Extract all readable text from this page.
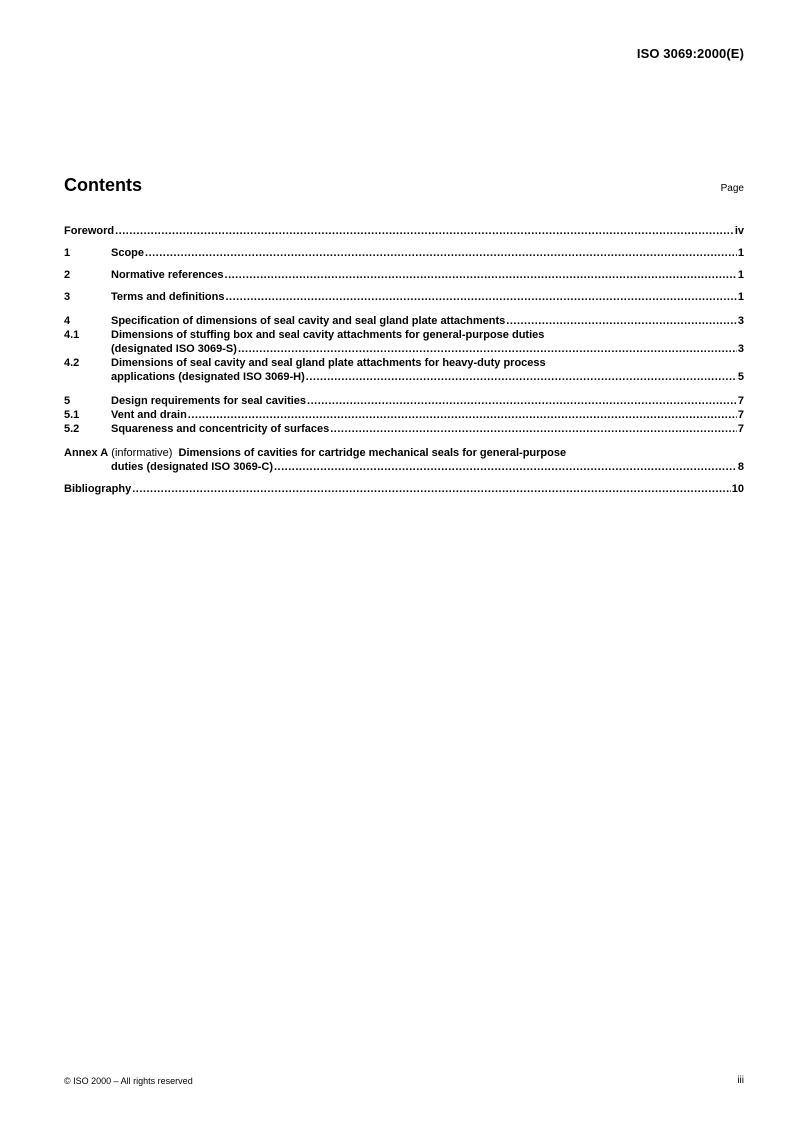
ISO 3069:2000(E)
Contents	Page
Foreword .....	iv
1	Scope .....	1
2	Normative references .....	1
3	Terms and definitions .....	1
4	Specification of dimensions of seal cavity and seal gland plate attachments .....	3
4.1	Dimensions of stuffing box and seal cavity attachments for general-purpose duties
(designated ISO 3069-S) .....	3
4.2	Dimensions of seal cavity and seal gland plate attachments for heavy-duty process
applications (designated ISO 3069-H) .....	5
5	Design requirements for seal cavities .....	7
5.1	Vent and drain .....	7
5.2	Squareness and concentricity of surfaces .....	7
Annex A
(informative)
Dimensions of cavities for cartridge mechanical seals for general-purpose
duties (designated ISO 3069-C) .....	8
Bibliography .....	10
© ISO 2000 – All rights reserved	iii
